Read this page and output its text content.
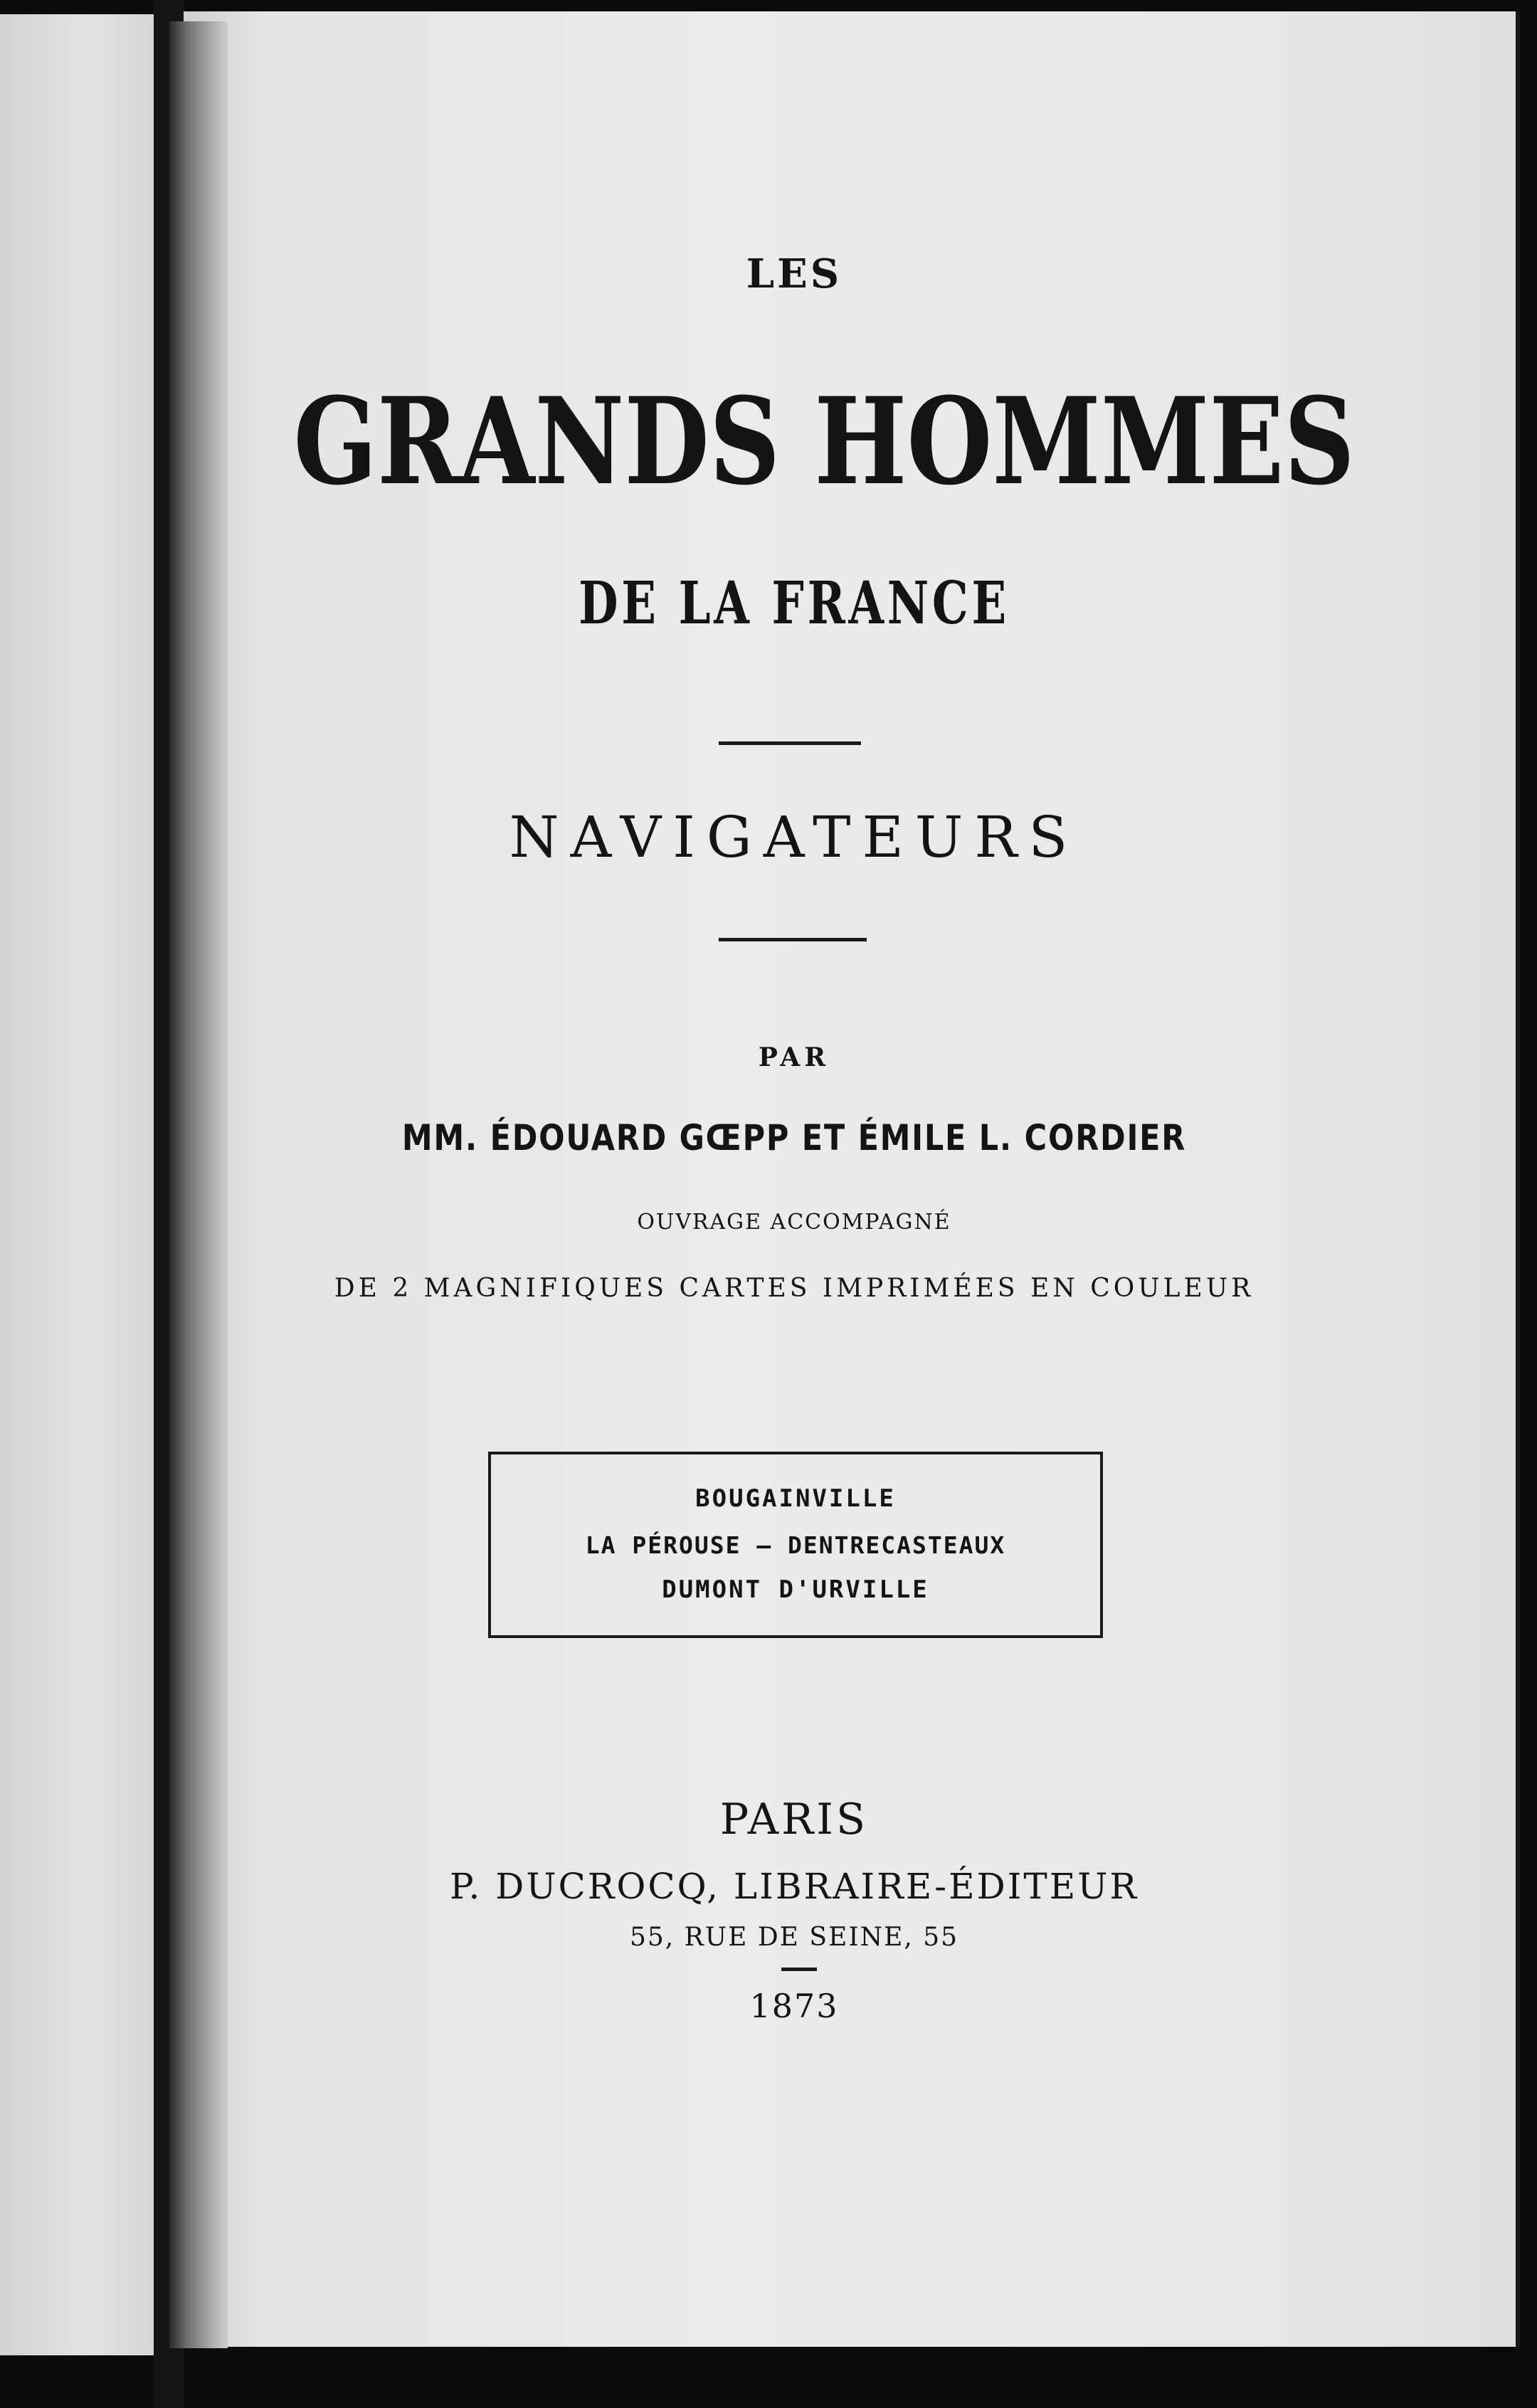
LES
GRANDS HOMMES
DE LA FRANCE
NAVIGATEURS
PAR
MM. ÉDOUARD GŒPP ET ÉMILE L. CORDIER
OUVRAGE ACCOMPAGNÉ
DE 2 MAGNIFIQUES CARTES IMPRIMÉES EN COULEUR
BOUGAINVILLE
LA PÉROUSE — DENTRECASTEAUX
DUMONT D'URVILLE
PARIS
P. DUCROCQ, LIBRAIRE-ÉDITEUR
55, RUE DE SEINE, 55
1873
